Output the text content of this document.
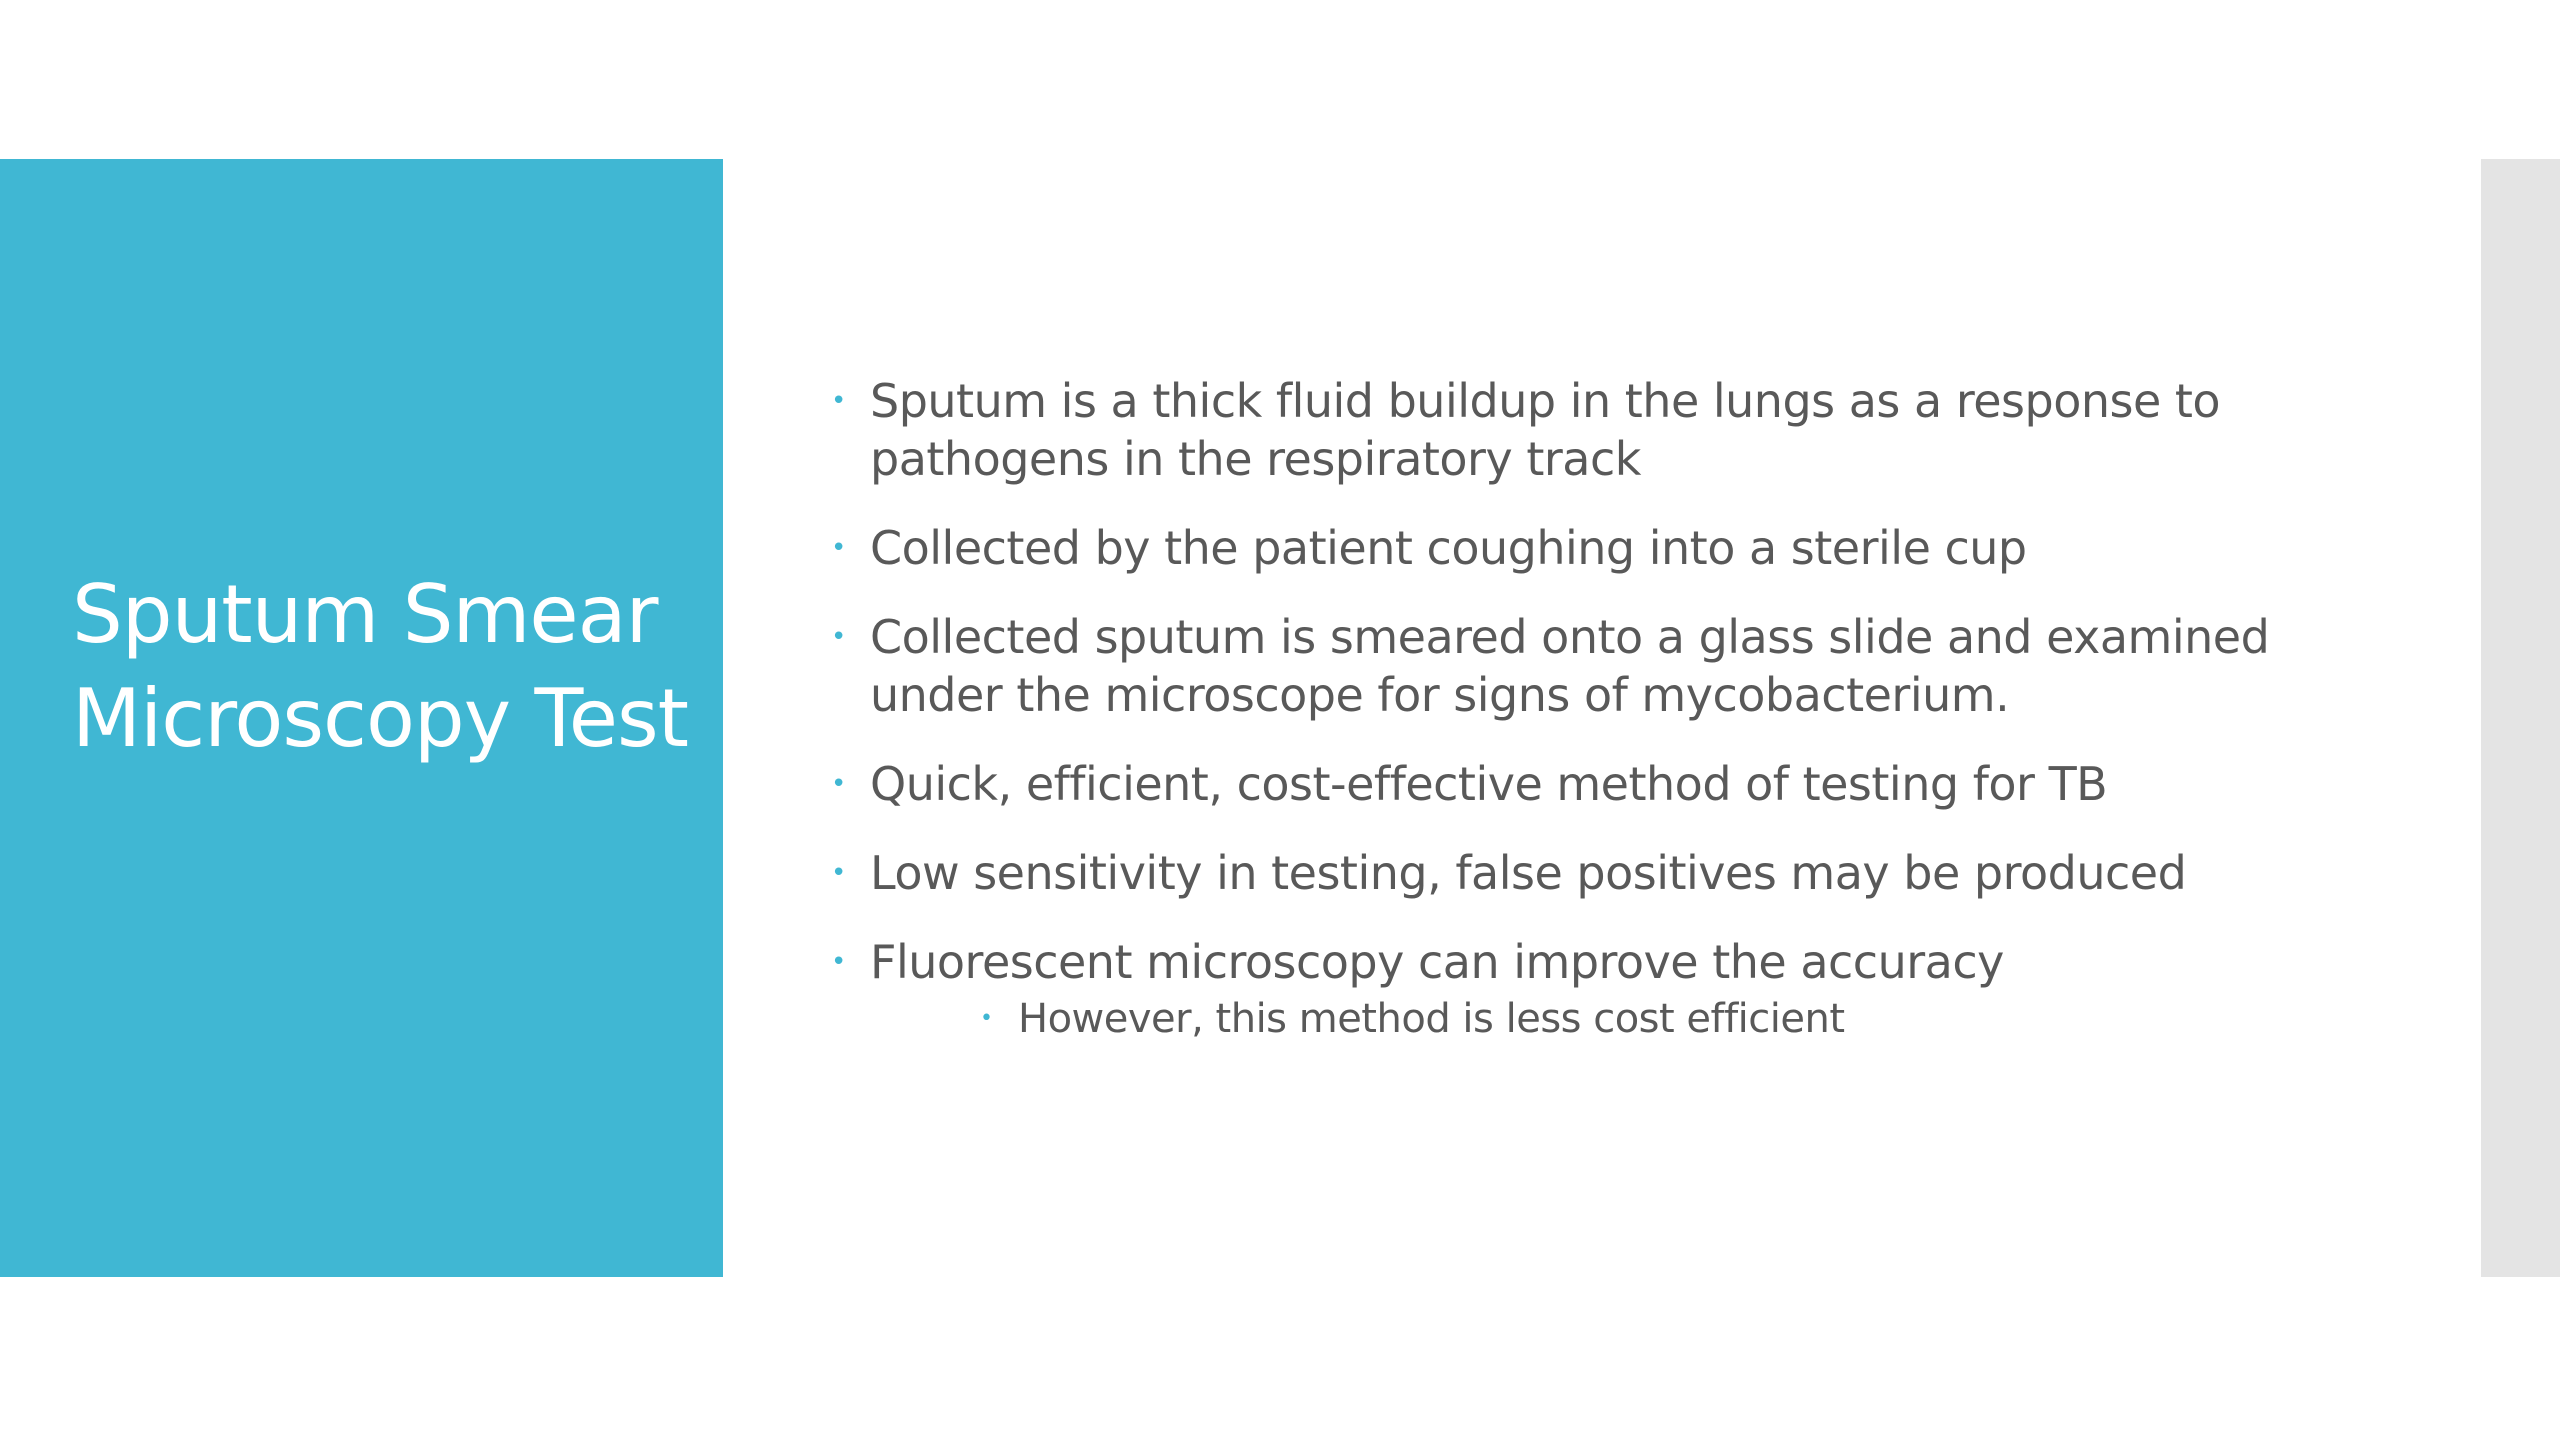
Sputum Smear Microscopy Test
• Sputum is a thick fluid buildup in the lungs as a response to pathogens in the respiratory track
• Collected by the patient coughing into a sterile cup
• Collected sputum is smeared onto a glass slide and examined under the microscope for signs of mycobacterium.
• Quick, efficient, cost-effective method of testing for TB
• Low sensitivity in testing, false positives may be produced
• Fluorescent microscopy can improve the accuracy
• However, this method is less cost efficient
